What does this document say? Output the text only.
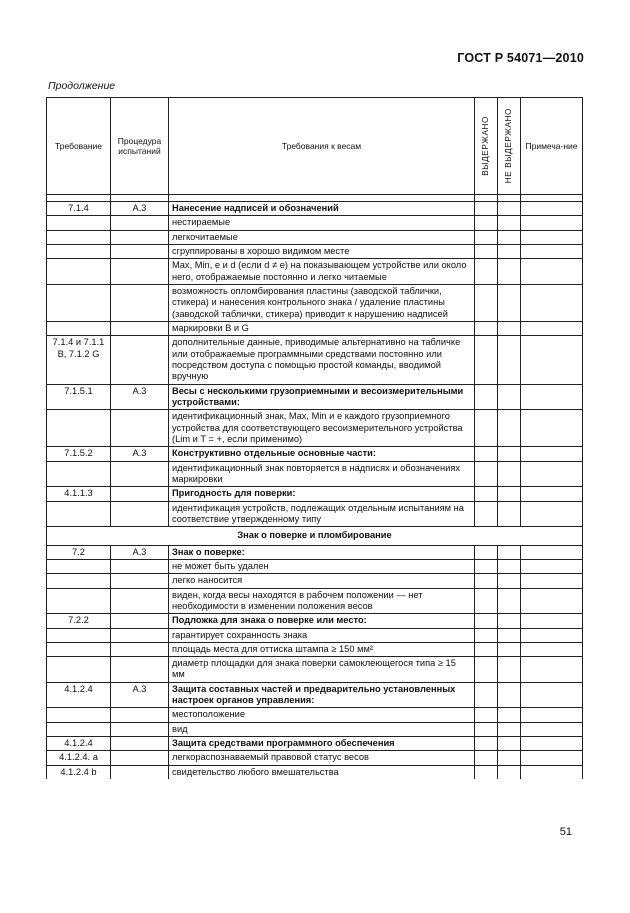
ГОСТ Р 54071—2010
Продолжение
Требование	Процедура испытаний	Требования к весам	ВЫДЕРЖАНО	НЕ ВЫДЕРЖАНО	Примеча-ние

7.1.4	А.3	Нанесение надписей и обозначений			
		нестираемые			
		легкочитаемые			
		сгруппированы в хорошо видимом месте			
		Max, Min, e и d (если d ≠ e) на показывающем устройстве или около него, отображаемые постоянно и легко читаемые			
		возможность опломбирования пластины (заводской таблички, стикера) и нанесения контрольного знака / удаление пластины (заводской таблички, стикера) приводит к нарушению надписей			
		маркировки В и G			
7.1.4 и 7.1.1 B, 7.1.2 G		дополнительные данные, приводимые альтернативно на табличке или отображаемые программными средствами постоянно или посредством доступа с помощью простой команды, вводимой вручную			
7.1.5.1	А.3	Весы с несколькими грузоприемными и весоизмерительными устройствами:			
		идентификационный знак, Max, Min и e каждого грузоприемного устройства для соответствующего весоизмерительного устройства (Lim и T = +, если применимо)			
7.1.5.2	А.3	Конструктивно отдельные основные части:			
		идентификационный знак повторяется в надписях и обозначениях маркировки			
4.1.1.3		Пригодность для поверки:			
		идентификация устройств, подлежащих отдельным испытаниям на соответствие утвержденному типу			
Знак о поверке и пломбирование					
7.2	А.3	Знак о поверке:			
		не может быть удален			
		легко наносится			
		виден, когда весы находятся в рабочем положении — нет необходимости в изменении положения весов			
7.2.2		Подложка для знака о поверке или место:			
		гарантирует сохранность знака			
		площадь места для оттиска штампа ≥ 150 мм²			
		диаметр площадки для знака поверки самоклеющегося типа ≥ 15 мм			
4.1.2.4	А.3	Защита составных частей и предварительно установленных настроек органов управления:			
		местоположение			
		вид			
4.1.2.4		Защита средствами программного обеспечения			
4.1.2.4. а		легкораспознаваемый правовой статус весов			
4.1.2.4 b		свидетельство любого вмешательства			
51
